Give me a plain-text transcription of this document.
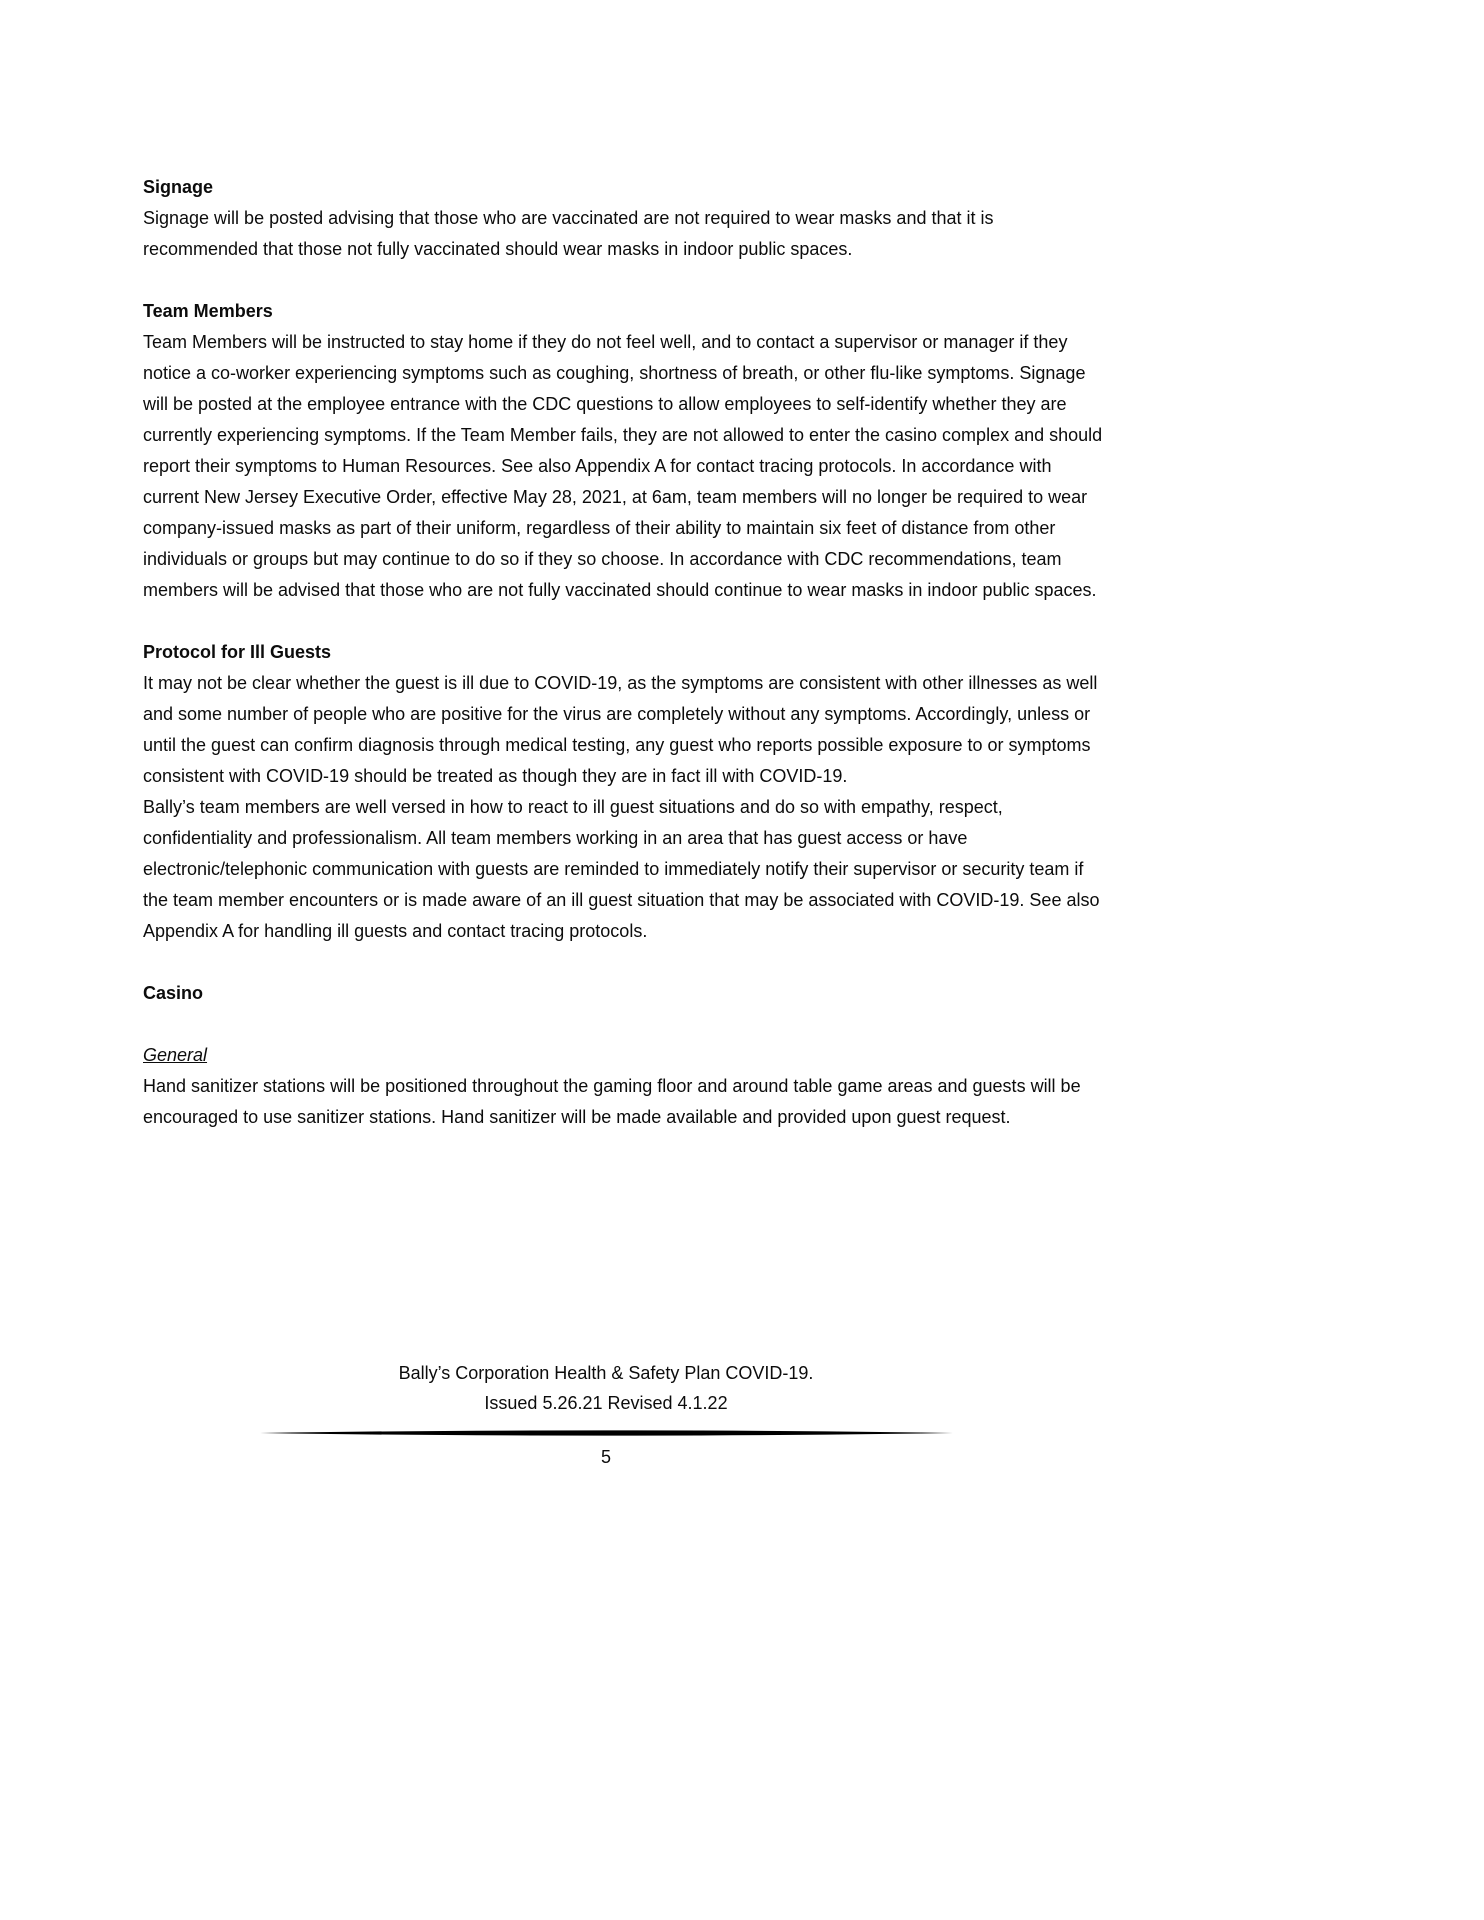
Signage

Signage will be posted advising that those who are vaccinated are not required to wear masks and that it is recommended that those not fully vaccinated should wear masks in indoor public spaces.

Team Members

Team Members will be instructed to stay home if they do not feel well, and to contact a supervisor or manager if they notice a co-worker experiencing symptoms such as coughing, shortness of breath, or other flu-like symptoms. Signage will be posted at the employee entrance with the CDC questions to allow employees to self-identify whether they are currently experiencing symptoms. If the Team Member fails, they are not allowed to enter the casino complex and should report their symptoms to Human Resources. See also Appendix A for contact tracing protocols. In accordance with current New Jersey Executive Order, effective May 28, 2021, at 6am, team members will no longer be required to wear company-issued masks as part of their uniform, regardless of their ability to maintain six feet of distance from other individuals or groups but may continue to do so if they so choose. In accordance with CDC recommendations, team members will be advised that those who are not fully vaccinated should continue to wear masks in indoor public spaces.

Protocol for Ill Guests

It may not be clear whether the guest is ill due to COVID-19, as the symptoms are consistent with other illnesses as well and some number of people who are positive for the virus are completely without any symptoms. Accordingly, unless or until the guest can confirm diagnosis through medical testing, any guest who reports possible exposure to or symptoms consistent with COVID-19 should be treated as though they are in fact ill with COVID-19.

Bally’s team members are well versed in how to react to ill guest situations and do so with empathy, respect, confidentiality and professionalism. All team members working in an area that has guest access or have electronic/telephonic communication with guests are reminded to immediately notify their supervisor or security team if the team member encounters or is made aware of an ill guest situation that may be associated with COVID-19. See also Appendix A for handling ill guests and contact tracing protocols.

Casino
General

Hand sanitizer stations will be positioned throughout the gaming floor and around table game areas and guests will be encouraged to use sanitizer stations. Hand sanitizer will be made available and provided upon guest request.

Bally’s Corporation Health & Safety Plan COVID-19.
Issued 5.26.21 Revised 4.1.22
5
